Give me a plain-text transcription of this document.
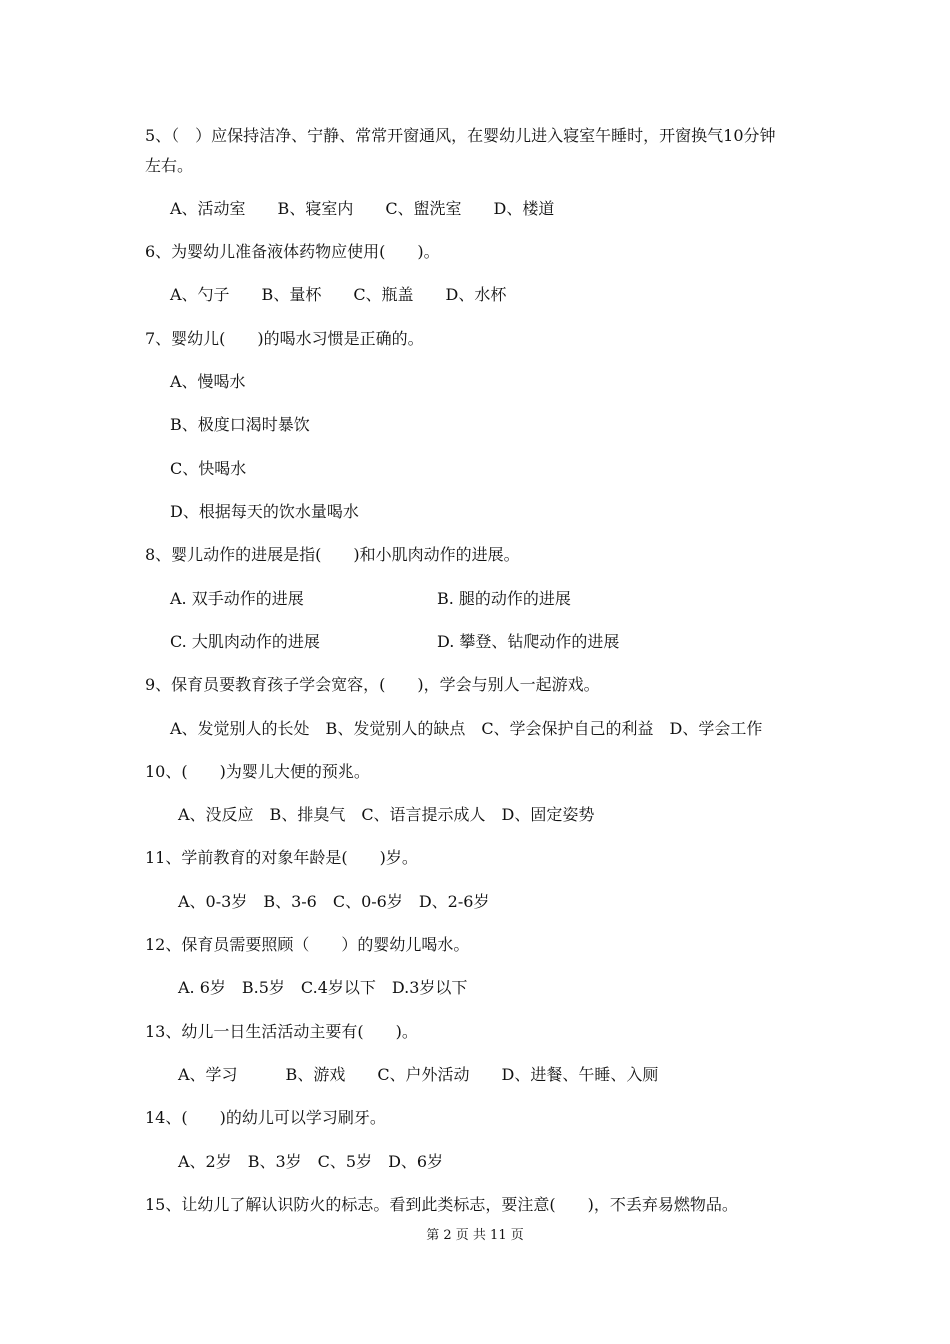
5、（　）应保持洁净、宁静、常常开窗通风，在婴幼儿进入寝室午睡时，开窗换气10分钟
左右。
A、活动室　　B、寝室内　　C、盥洗室　　D、楼道
6、为婴幼儿准备液体药物应使用(　　)。
A、勺子　　B、量杯　　C、瓶盖　　D、水杯
7、婴幼儿(　　)的喝水习惯是正确的。
A、慢喝水
B、极度口渴时暴饮
C、快喝水
D、根据每天的饮水量喝水
8、婴儿动作的进展是指(　　)和小肌肉动作的进展。
A. 双手动作的进展	B. 腿的动作的进展
C. 大肌肉动作的进展	D. 攀登、钻爬动作的进展
9、保育员要教育孩子学会宽容，(　　)，学会与别人一起游戏。
A、发觉别人的长处　B、发觉别人的缺点　C、学会保护自己的利益　D、学会工作
10、(　　)为婴儿大便的预兆。
A、没反应　B、排臭气　C、语言提示成人　D、固定姿势
11、学前教育的对象年龄是(　　)岁。
A、0-3岁　B、3-6　C、0-6岁　D、2-6岁
12、保育员需要照顾（　　）的婴幼儿喝水。
A. 6岁　B.5岁　C.4岁以下　D.3岁以下
13、幼儿一日生活活动主要有(　　)。
A、学习　　　B、游戏　　C、户外活动　　D、进餐、午睡、入厕
14、(　　)的幼儿可以学习刷牙。
A、2岁　B、3岁　C、5岁　D、6岁
15、让幼儿了解认识防火的标志。看到此类标志，要注意(　　)，不丢弃易燃物品。
第 2 页 共 11 页
